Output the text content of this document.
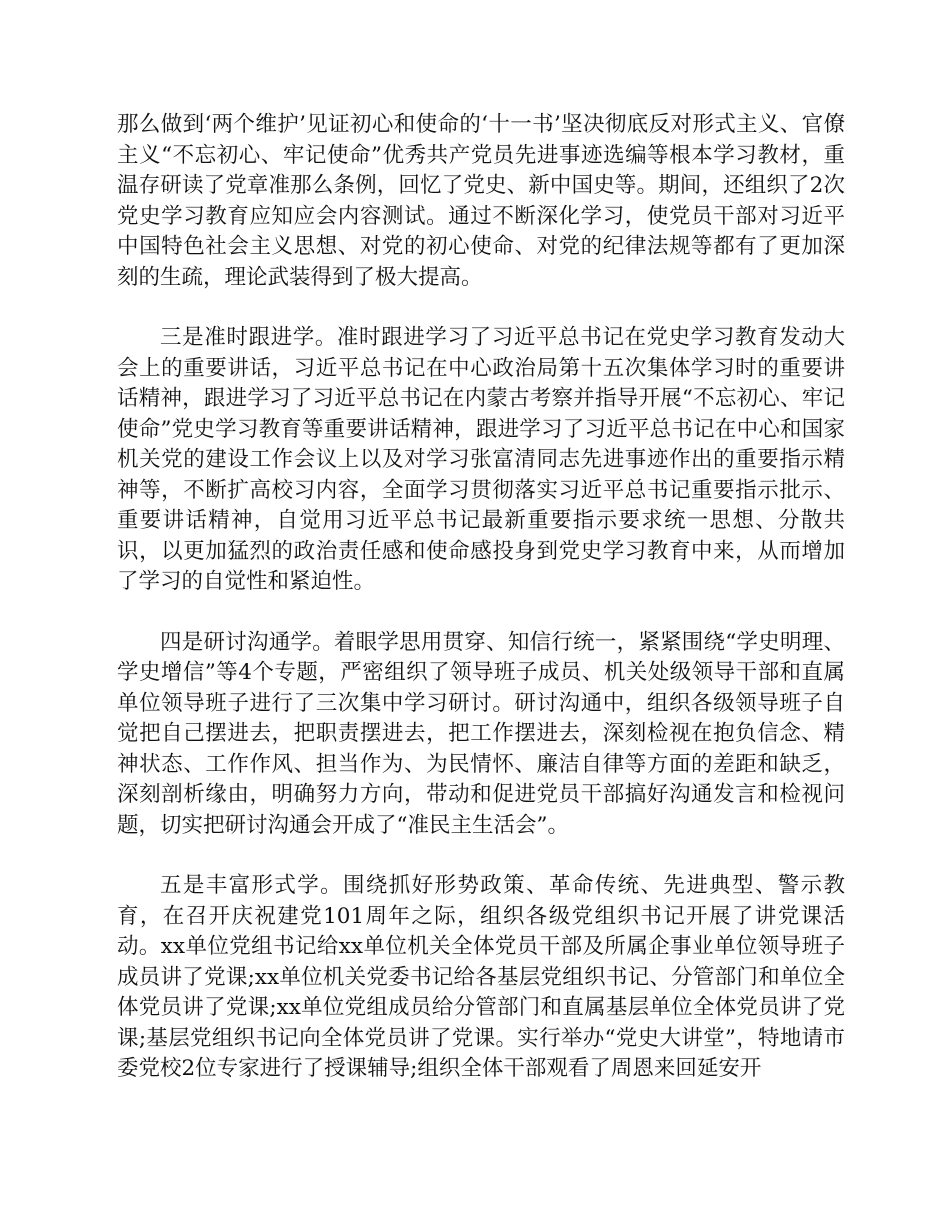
那么做到‘两个维护’见证初心和使命的‘十一书’坚决彻底反对形式主义、官僚主义“不忘初心、牢记使命”优秀共产党员先进事迹选编等根本学习教材，重温存研读了党章准那么条例，回忆了党史、新中国史等。期间，还组织了2次党史学习教育应知应会内容测试。通过不断深化学习，使党员干部对习近平中国特色社会主义思想、对党的初心使命、对党的纪律法规等都有了更加深刻的生疏，理论武装得到了极大提高。

三是准时跟进学。准时跟进学习了习近平总书记在党史学习教育发动大会上的重要讲话，习近平总书记在中心政治局第十五次集体学习时的重要讲话精神，跟进学习了习近平总书记在内蒙古考察并指导开展“不忘初心、牢记使命”党史学习教育等重要讲话精神，跟进学习了习近平总书记在中心和国家机关党的建设工作会议上以及对学习张富清同志先进事迹作出的重要指示精神等，不断扩高校习内容，全面学习贯彻落实习近平总书记重要指示批示、重要讲话精神，自觉用习近平总书记最新重要指示要求统一思想、分散共识，以更加猛烈的政治责任感和使命感投身到党史学习教育中来，从而增加了学习的自觉性和紧迫性。

四是研讨沟通学。着眼学思用贯穿、知信行统一，紧紧围绕“学史明理、学史增信”等4个专题，严密组织了领导班子成员、机关处级领导干部和直属单位领导班子进行了三次集中学习研讨。研讨沟通中，组织各级领导班子自觉把自己摆进去，把职责摆进去，把工作摆进去，深刻检视在抱负信念、精神状态、工作作风、担当作为、为民情怀、廉洁自律等方面的差距和缺乏，深刻剖析缘由，明确努力方向，带动和促进党员干部搞好沟通发言和检视问题，切实把研讨沟通会开成了“准民主生活会”。

五是丰富形式学。围绕抓好形势政策、革命传统、先进典型、警示教育，在召开庆祝建党101周年之际，组织各级党组织书记开展了讲党课活动。xx单位党组书记给xx单位机关全体党员干部及所属企事业单位领导班子成员讲了党课;xx单位机关党委书记给各基层党组织书记、分管部门和单位全体党员讲了党课;xx单位党组成员给分管部门和直属基层单位全体党员讲了党课;基层党组织书记向全体党员讲了党课。实行举办“党史大讲堂”，特地请市委党校2位专家进行了授课辅导;组织全体干部观看了周恩来回延安开
